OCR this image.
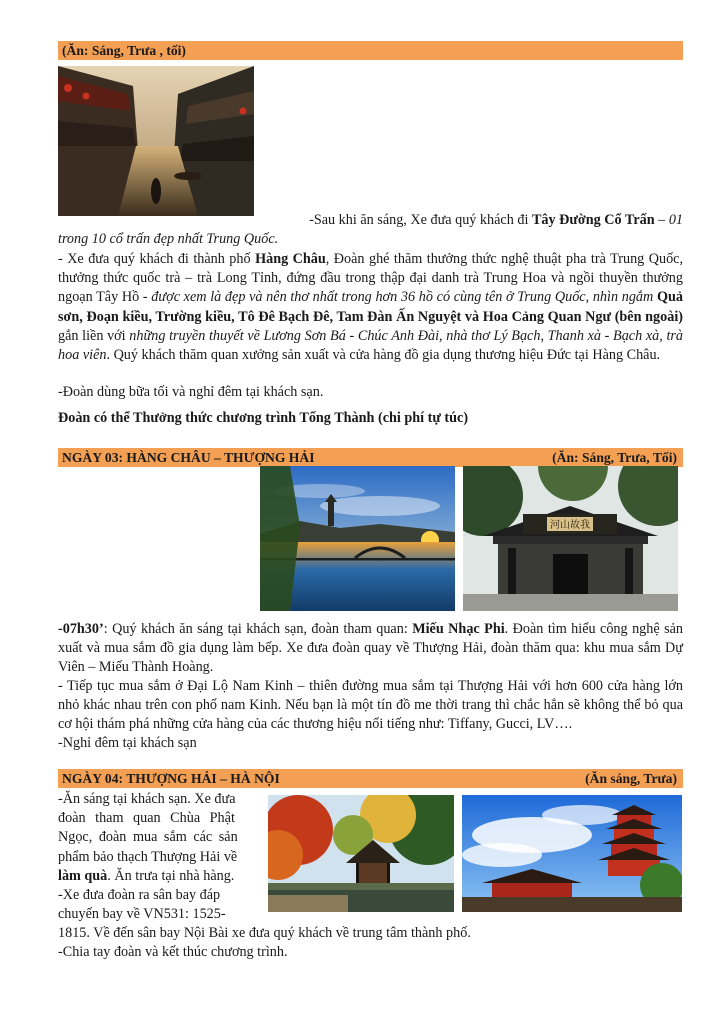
(Ăn: Sáng, Trưa , tối)

-Sau khi ăn sáng, Xe đưa quý khách đi Tây Đường Cổ Trấn – 01
trong 10 cổ trấn đẹp nhất Trung Quốc.

- Xe đưa quý khách đi thành phố Hàng Châu, Đoàn ghé thăm thưởng thức nghệ thuật pha trà Trung Quốc, thưởng thức quốc trà – trà Long Tỉnh, đứng đầu trong thập đại danh trà Trung Hoa và ngồi thuyền thưởng ngoạn Tây Hồ - được xem là đẹp và nên thơ nhất trong hơn 36 hồ có cùng tên ở Trung Quốc, nhìn ngắm Quả sơn, Đoạn kiều, Trường kiều, Tô Đê Bạch Đê, Tam Đàn Ấn Nguyệt và Hoa Cảng Quan Ngư (bên ngoài) gắn liền với những truyền thuyết về Lương Sơn Bá - Chúc Anh Đài, nhà thơ Lý Bạch, Thanh xà - Bạch xà, trà hoa viên. Quý khách thăm quan xưởng sản xuất và cửa hàng đồ gia dụng thương hiệu Đức tại Hàng Châu.

-Đoàn dùng bữa tối và nghỉ đêm tại khách sạn.

Đoàn có thể Thưởng thức chương trình Tống Thành (chi phí tự túc)

NGÀY 03: HÀNG CHÂU – THƯỢNG HẢI	(Ăn: Sáng, Trưa, Tối)
河山故我

-07h30’: Quý khách ăn sáng tại khách sạn, đoàn tham quan: Miếu Nhạc Phi. Đoàn tìm hiểu công nghệ sản xuất và mua sắm đồ gia dụng làm bếp. Xe đưa đoàn quay về Thượng Hải, đoàn thăm qua: khu mua sắm Dự Viên – Miếu Thành Hoàng.

- Tiếp tục mua sắm ở Đại Lộ Nam Kinh – thiên đường mua sắm tại Thượng Hải với hơn 600 cửa hàng lớn nhỏ khác nhau trên con phố nam Kinh. Nếu bạn là một tín đồ me thời trang thì chắc hẳn sẽ không thể bỏ qua cơ hội thám phá những cửa hàng của các thương hiệu nổi tiếng như: Tiffany, Gucci, LV….

-Nghỉ đêm tại khách sạn

NGÀY 04: THƯỢNG HẢI – HÀ NỘI	(Ăn sáng, Trưa)
-Ăn sáng tại khách sạn. Xe đưa
đoàn tham quan Chùa Phật
Ngọc, đoàn mua sắm các sản
phẩm bảo thạch Thượng Hải về
làm quà. Ăn trưa tại nhà hàng.
-Xe đưa đoàn ra sân bay đáp
chuyến bay về VN531: 1525-

1815. Về đến sân bay Nội Bài xe đưa quý khách về trung tâm thành phố.

-Chia tay đoàn và kết thúc chương trình.
